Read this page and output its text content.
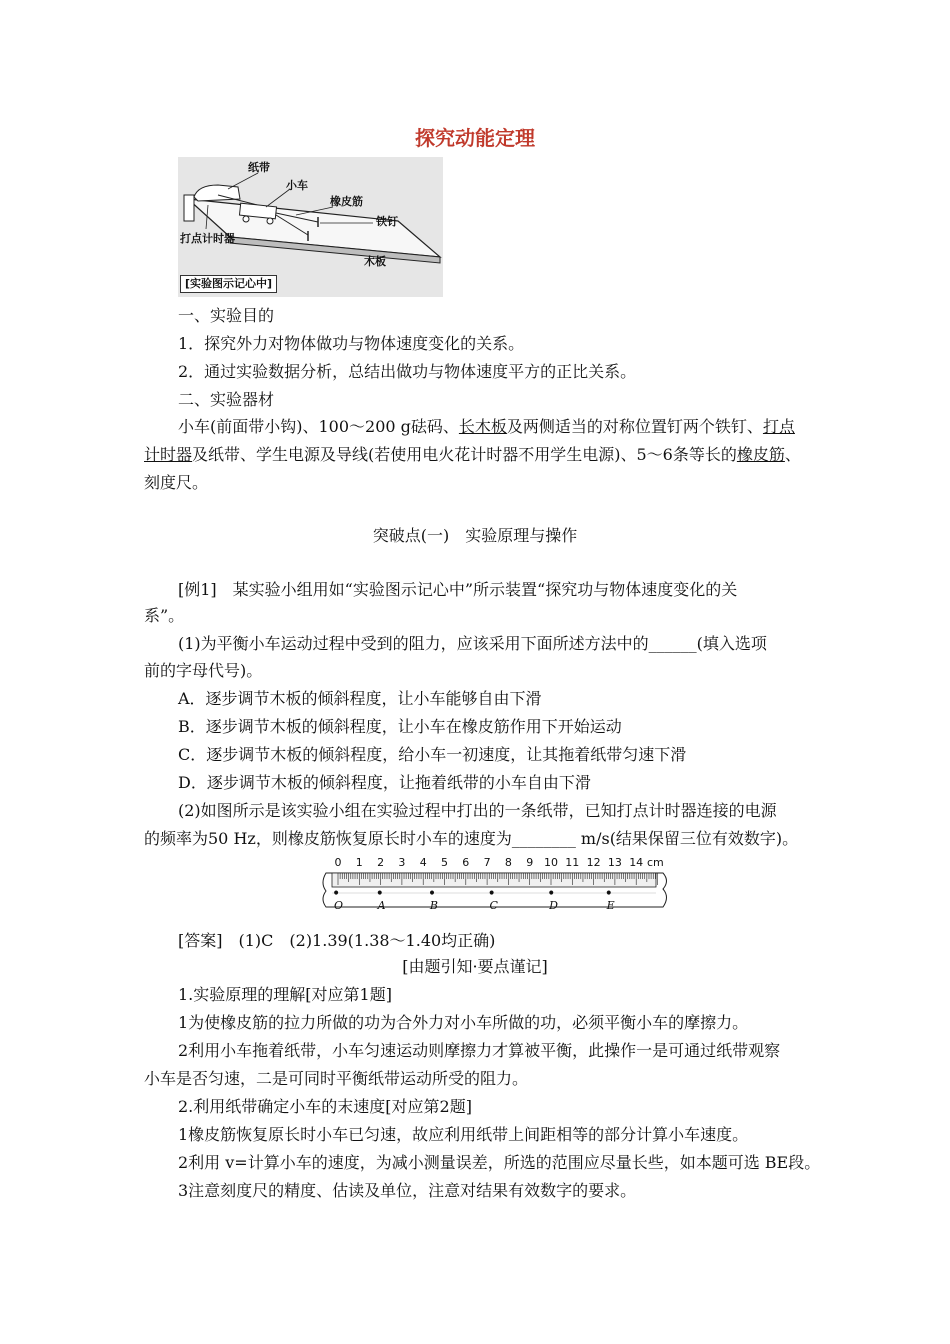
探究动能定理
纸带
小车
橡皮筋
铁钉
打点计时器
木板
[实验图示记心中]
一、实验目的
1．探究外力对物体做功与物体速度变化的关系。
2．通过实验数据分析，总结出做功与物体速度平方的正比关系。
二、实验器材
小车(前面带小钩)、100～200 g砝码、长木板及两侧适当的对称位置钉两个铁钉、打点
计时器及纸带、学生电源及导线(若使用电火花计时器不用学生电源)、5～6条等长的橡皮筋、
刻度尺。
突破点(一)　实验原理与操作
[例1]　某实验小组用如“实验图示记心中”所示装置“探究功与物体速度变化的关
系”。
(1)为平衡小车运动过程中受到的阻力，应该采用下面所述方法中的______(填入选项
前的字母代号)。
A．逐步调节木板的倾斜程度，让小车能够自由下滑
B．逐步调节木板的倾斜程度，让小车在橡皮筋作用下开始运动
C．逐步调节木板的倾斜程度，给小车一初速度，让其拖着纸带匀速下滑
D．逐步调节木板的倾斜程度，让拖着纸带的小车自由下滑
(2)如图所示是该实验小组在实验过程中打出的一条纸带，已知打点计时器连接的电源
的频率为50 Hz，则橡皮筋恢复原长时小车的速度为________ m/s(结果保留三位有效数字)。
0 1 2 3 4 5 6 7 8 9 10 11 12 13 14 cm
•
O
•
A
•
B
•
C
•
D
•
E
[答案]　(1)C　(2)1.39(1.38～1.40均正确)
[由题引知·要点谨记]
1.实验原理的理解[对应第1题]
1为使橡皮筋的拉力所做的功为合外力对小车所做的功，必须平衡小车的摩擦力。
2利用小车拖着纸带，小车匀速运动则摩擦力才算被平衡，此操作一是可通过纸带观察
小车是否匀速，二是可同时平衡纸带运动所受的阻力。
2.利用纸带确定小车的末速度[对应第2题]
1橡皮筋恢复原长时小车已匀速，故应利用纸带上间距相等的部分计算小车速度。
2利用 v=计算小车的速度，为减小测量误差，所选的范围应尽量长些，如本题可选 BE段。
3注意刻度尺的精度、估读及单位，注意对结果有效数字的要求。
